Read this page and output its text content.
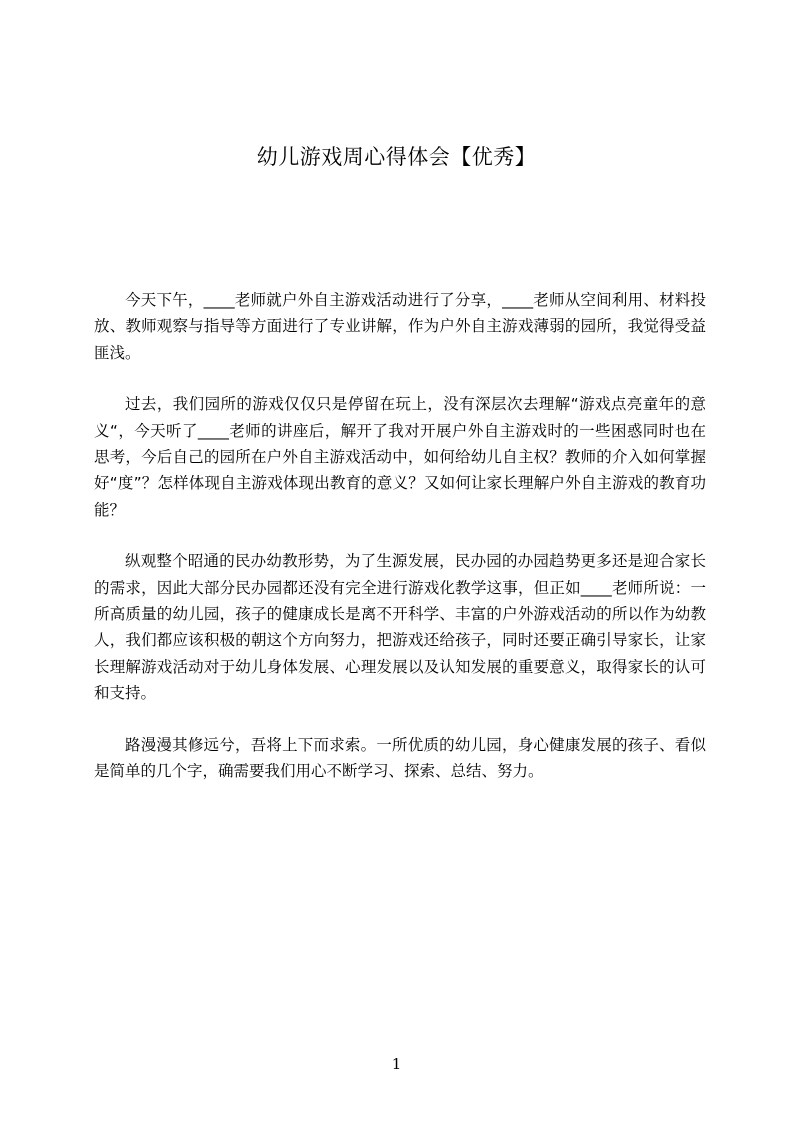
幼儿游戏周心得体会【优秀】

今天下午，____老师就户外自主游戏活动进行了分享，____老师从空间利用、材料投放、教师观察与指导等方面进行了专业讲解，作为户外自主游戏薄弱的园所，我觉得受益匪浅。

过去，我们园所的游戏仅仅只是停留在玩上，没有深层次去理解“游戏点亮童年的意义“，今天听了____老师的讲座后，解开了我对开展户外自主游戏时的一些困惑同时也在思考，今后自己的园所在户外自主游戏活动中，如何给幼儿自主权？教师的介入如何掌握好“度”？怎样体现自主游戏体现出教育的意义？又如何让家长理解户外自主游戏的教育功能？

纵观整个昭通的民办幼教形势，为了生源发展，民办园的办园趋势更多还是迎合家长的需求，因此大部分民办园都还没有完全进行游戏化教学这事，但正如____老师所说：一所高质量的幼儿园，孩子的健康成长是离不开科学、丰富的户外游戏活动的所以作为幼教人，我们都应该积极的朝这个方向努力，把游戏还给孩子，同时还要正确引导家长，让家长理解游戏活动对于幼儿身体发展、心理发展以及认知发展的重要意义，取得家长的认可和支持。

路漫漫其修远兮，吾将上下而求索。一所优质的幼儿园，身心健康发展的孩子、看似是简单的几个字，确需要我们用心不断学习、探索、总结、努力。

1
